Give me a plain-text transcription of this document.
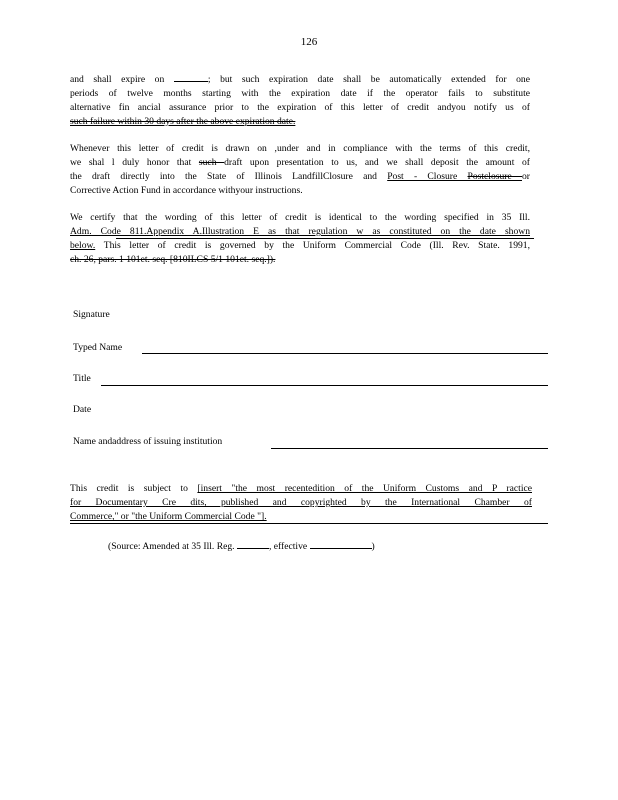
126
and shall expire on	; but such expiration date shall be automatically extended for one
periods of twelve months starting with the expiration date if the operator fails to substitute
alternative fin ancial assurance prior to the expiration of this letter of credit andyou notify us of
such failure within 30 days after the above expiration date.
Whenever this letter of credit is drawn on ,under and in compliance with the terms of this credit,
we shal l duly honor that such draft upon presentation to us, and we shall deposit the amount of
the draft directly into the State of Illinois LandfillClosure and Post - Closure Postclosure or
Corrective Action Fund in accordance withyour instructions.
We certify that the wording of this letter of credit is identical to the wording specified in 35 Ill.
Adm. Code 811.Appendix A.Illustration E as that regulation w as constituted on the date shown
below. This letter of credit is governed by the Uniform Commercial Code (Ill. Rev. State. 1991,
ch. 26, pars. 1 101et. seq. [810ILCS 5/1 101et. seq.]).
Signature
Typed Name
Title
Date
Name andaddress of issuing institution
This credit is subject to [insert "the most recentedition of the Uniform Customs and P ractice
for Documentary Cre dits, published and copyrighted by the International Chamber of
Commerce," or "the Uniform Commercial Code "].
(Source: Amended at 35 Ill. Reg.	, effective	)
